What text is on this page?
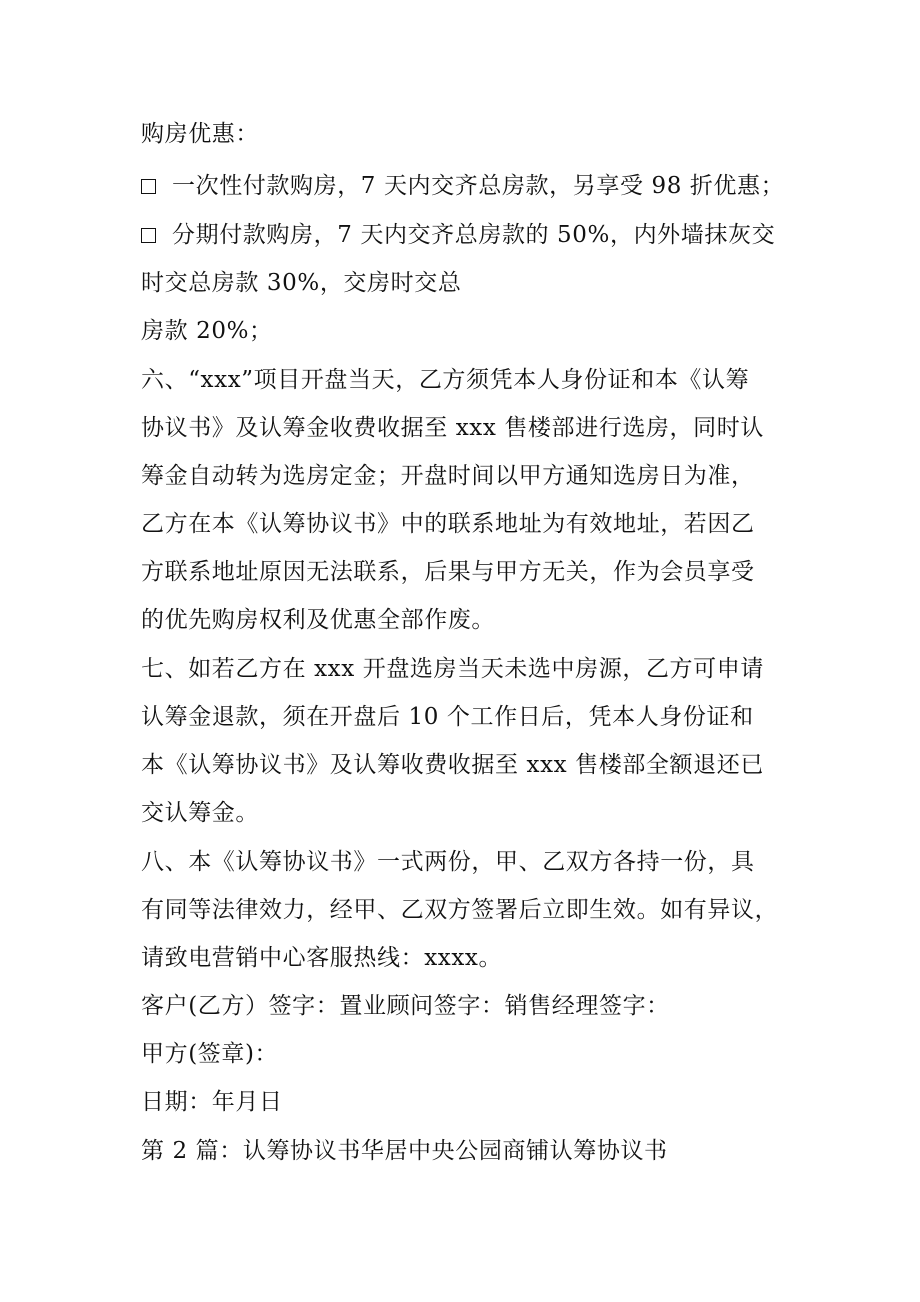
购房优惠：
一次性付款购房，7 天内交齐总房款，另享受 98 折优惠；
分期付款购房，7 天内交齐总房款的 50%，内外墙抹灰交
时交总房款 30%，交房时交总
房款 20%；
六、“xxx”项目开盘当天，乙方须凭本人身份证和本《认筹
协议书》及认筹金收费收据至 xxx 售楼部进行选房，同时认
筹金自动转为选房定金；开盘时间以甲方通知选房日为准，
乙方在本《认筹协议书》中的联系地址为有效地址，若因乙
方联系地址原因无法联系，后果与甲方无关，作为会员享受
的优先购房权利及优惠全部作废。
七、如若乙方在 xxx 开盘选房当天未选中房源，乙方可申请
认筹金退款，须在开盘后 10 个工作日后，凭本人身份证和
本《认筹协议书》及认筹收费收据至 xxx 售楼部全额退还已
交认筹金。
八、本《认筹协议书》一式两份，甲、乙双方各持一份，具
有同等法律效力，经甲、乙双方签署后立即生效。如有异议，
请致电营销中心客服热线：xxxx。
客户(乙方）签字：置业顾问签字：销售经理签字：
甲方(签章)：
日期：年月日
第 2 篇：认筹协议书华居中央公园商铺认筹协议书
